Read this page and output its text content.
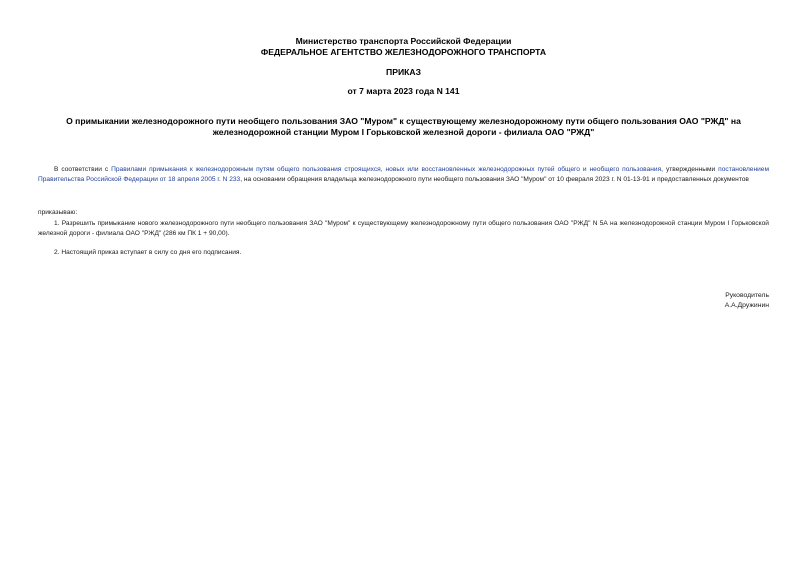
Министерство транспорта Российской Федерации
ФЕДЕРАЛЬНОЕ АГЕНТСТВО ЖЕЛЕЗНОДОРОЖНОГО ТРАНСПОРТА
ПРИКАЗ
от 7 марта 2023 года N 141
О примыкании железнодорожного пути необщего пользования ЗАО "Муром" к существующему железнодорожному пути общего пользования ОАО "РЖД" на железнодорожной станции Муром I Горьковской железной дороги - филиала ОАО "РЖД"
В соответствии с Правилами примыкания к железнодорожным путям общего пользования строящихся, новых или восстановленных железнодорожных путей общего и необщего пользования, утвержденными постановлением Правительства Российской Федерации от 18 апреля 2005 г. N 233, на основании обращения владельца железнодорожного пути необщего пользования ЗАО "Муром" от 10 февраля 2023 г. N 01-13-91 и предоставленных документов
приказываю:
1. Разрешить примыкание нового железнодорожного пути необщего пользования ЗАО "Муром" к существующему железнодорожному пути общего пользования ОАО "РЖД" N 5А на железнодорожной станции Муром I Горьковской железной дороги - филиала ОАО "РЖД" (286 км ПК 1 + 90,00).
2. Настоящий приказ вступает в силу со дня его подписания.
Руководитель
А.А.Дружинин
